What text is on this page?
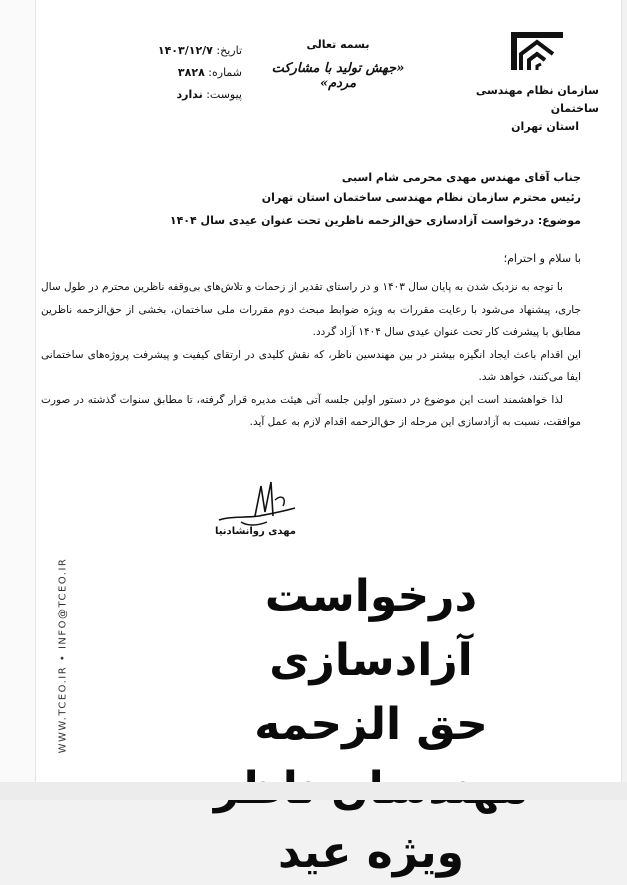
سازمان نظام مهندسی ساختمان
استان تهران
بسمه تعالی
«جهش تولید با مشارکت مردم»
تاریخ: ۱۴۰۳/۱۲/۷
شماره: ۳۸۲۸
پیوست: ندارد
جناب آقای مهندس مهدی محرمی شام اسبی
رئیس محترم سازمان نظام مهندسی ساختمان استان تهران
موضوع: درخواست آزادسازی حق‌الزحمه ناظرین تحت عنوان عیدی سال ۱۴۰۴
با سلام و احترام؛

با توجه به نزدیک شدن به پایان سال ۱۴۰۳ و در راستای تقدیر از زحمات و تلاش‌های بی‌وقفه ناظرین محترم در طول سال جاری، پیشنهاد می‌شود با رعایت مقررات به ویژه ضوابط مبحث دوم مقررات ملی ساختمان، بخشی از حق‌الزحمه ناظرین مطابق با پیشرفت کار تحت عنوان عیدی سال ۱۴۰۴ آزاد گردد.

این اقدام باعث ایجاد انگیزه بیشتر در بین مهندسین ناظر، که نقش کلیدی در ارتقای کیفیت و پیشرفت پروژه‌های ساختمانی ایفا می‌کنند، خواهد شد.

لذا خواهشمند است این موضوع در دستور اولین جلسه آتی هیئت مدیره قرار گرفته، تا مطابق سنوات گذشته در صورت موافقت، نسبت به آزادسازی این مرحله از حق‌الزحمه اقدام لازم به عمل آید.

مهدی روانشادنیا
درخواست آزادسازی
حق الزحمه
ویژه عید
WWW.TCEO.IR • INFO@TCEO.IR
